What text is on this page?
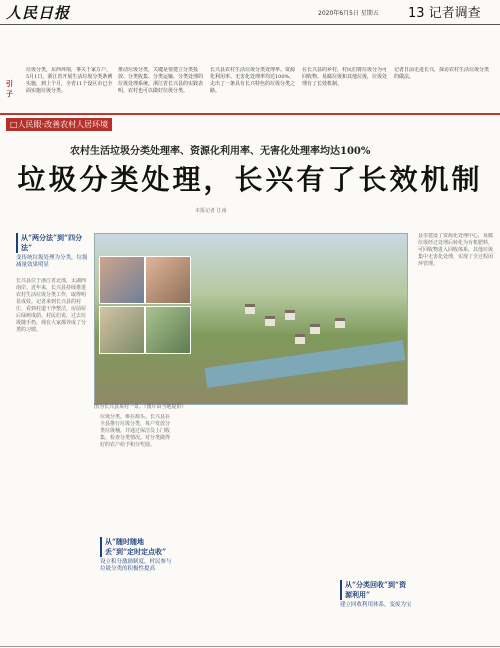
人民日报	2020年6月5日 星期五 13 记者调查
引子
垃圾分类，东西环境，事关千家万户。5月1日，浙江省开展生活垃圾分类条例实施，到上个月，全省11个设区市已全面实施垃圾分类。
推动垃圾分类，关键是要建立分类投放、分类收集、分类运输、分类处理的垃圾处理系统。浙江省长兴县的实践表明，农村也可以做好垃圾分类。
长兴县农村生活垃圾分类处理率、资源化利用率、无害化处理率均达100%，走出了一条具有长兴特色的垃圾分类之路。
在长兴县的乡村，村民们将垃圾分为可回收物、易腐垃圾和其他垃圾，垃圾处理有了长效机制。
记者日前走进长兴，探访农村生活垃圾分类的做法。
□人民眼·改善农村人居环境
农村生活垃圾分类处理率、资源化利用率、无害化处理率均达100%
垃圾分类处理，长兴有了长效机制
本报记者 江南
从“两分法”到“四分法”
变传统垃圾处理为分类，垃圾减量效果明显
长兴县位于浙江省北部，太湖西南岸。近年来，长兴县持续推进农村生活垃圾分类工作，取得明显成效。记者来到长兴县的村庄，看到村道干净整洁，房前屋后绿树成荫。村民们说，过去垃圾随手扔，现在大家都养成了分类的习惯。
图为长兴县某村一景。（图片由当地提供）
垃圾分类，难在源头。长兴县在全县推行垃圾分类，每户发放分类垃圾桶，并通过保洁员上门收集、检查分类情况。对分类做得好的农户给予积分奖励。
从“随时随地丢”到“定时定点收”
设立积分激励制度，村民参与垃圾分类的积极性提高
县里建设了资源化处理中心，易腐垃圾经过处理后转化为有机肥料，可回收物进入回收体系，其他垃圾集中无害化处理，实现了全过程闭环管理。
从“分类回收”到“资源利用”
建立回收利用体系，变废为宝
